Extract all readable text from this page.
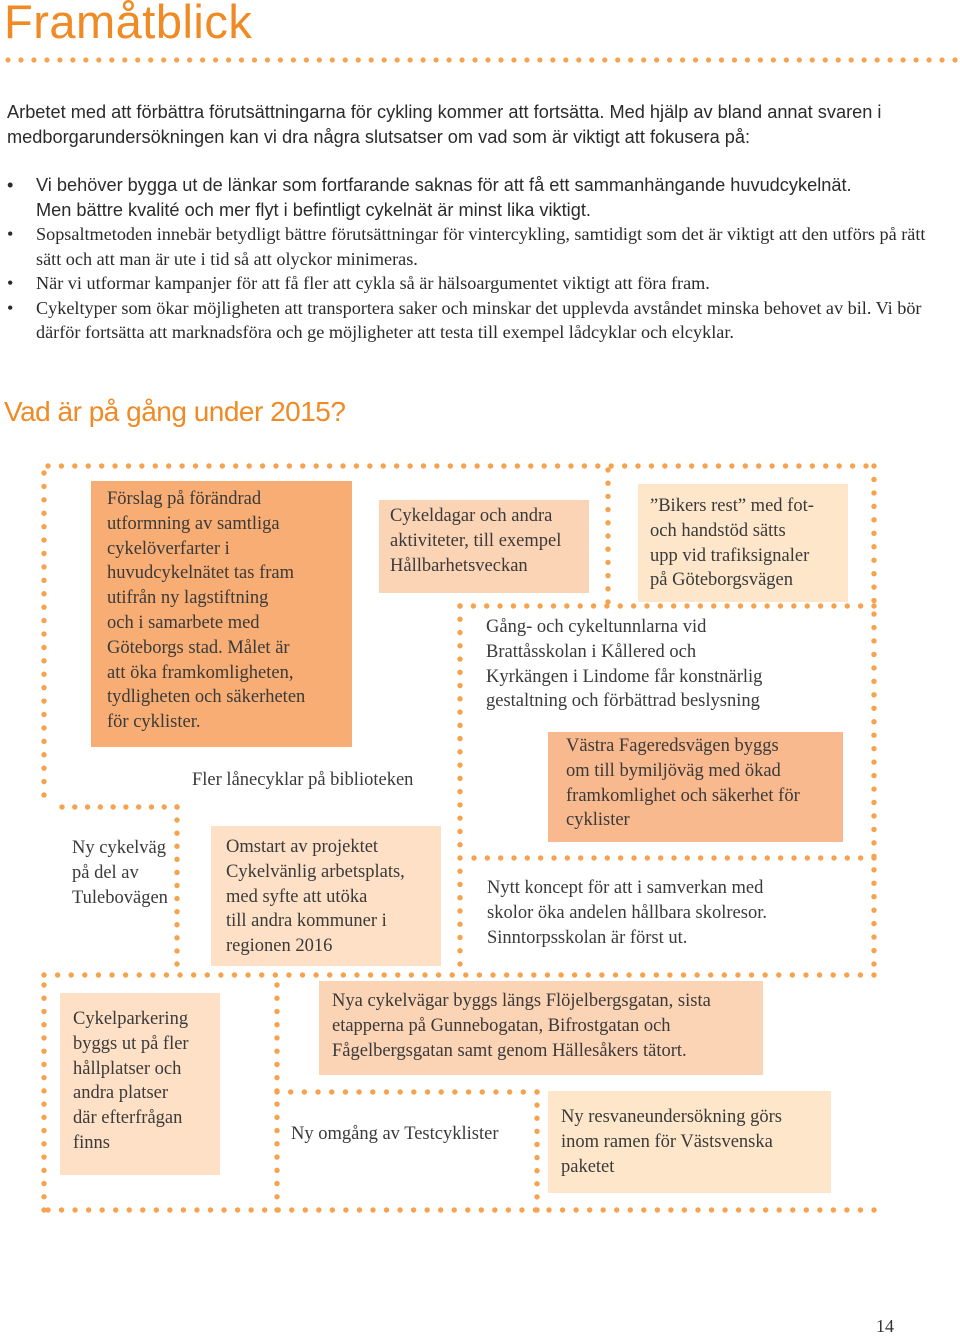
Framåtblick

Arbetet med att förbättra förutsättningarna för cykling kommer att fortsätta. Med hjälp av bland annat svaren i medborgarundersökningen kan vi dra några slutsatser om vad som är viktigt att fokusera på:

• Vi behöver bygga ut de länkar som fortfarande saknas för att få ett sammanhängande huvudcykelnät.
Men bättre kvalité och mer flyt i befintligt cykelnät är minst lika viktigt.
• Sopsaltmetoden innebär betydligt bättre förutsättningar för vintercykling, samtidigt som det är viktigt att den utförs på rätt sätt och att man är ute i tid så att olyckor minimeras.
• När vi utformar kampanjer för att få fler att cykla så är hälsoargumentet viktigt att föra fram.
• Cykeltyper som ökar möjligheten att transportera saker och minskar det upplevda avståndet minska behovet av bil. Vi bör därför fortsätta att marknadsföra och ge möjligheter att testa till exempel lådcyklar och elcyklar.
Vad är på gång under 2015?
Förslag på förändrad
utformning av samtliga
cykelöverfarter i
huvudcykelnätet tas fram
utifrån ny lagstiftning
och i samarbete med
Göteborgs stad. Målet är
att öka framkomligheten,
tydligheten och säkerheten
för cyklister.
Cykeldagar och andra
aktiviteter, till exempel
Hållbarhetsveckan
”Bikers rest” med fot-
och handstöd sätts
upp vid trafiksignaler
på Göteborgsvägen
Gång- och cykeltunnlarna vid
Brattåsskolan i Kållered och
Kyrkängen i Lindome får konstnärlig
gestaltning och förbättrad beslysning
Västra Fageredsvägen byggs
om till bymiljöväg med ökad
framkomlighet och säkerhet för
cyklister
Fler lånecyklar på biblioteken
Ny cykelväg
på del av
Tulebovägen
Omstart av projektet
Cykelvänlig arbetsplats,
med syfte att utöka
till andra kommuner i
regionen 2016
Nytt koncept för att i samverkan med
skolor öka andelen hållbara skolresor.
Sinntorpsskolan är först ut.
Cykelparkering
byggs ut på fler
hållplatser och
andra platser
där efterfrågan
finns
Nya cykelvägar byggs längs Flöjelbergsgatan, sista
etapperna på Gunnebogatan, Bifrostgatan och
Fågelbergsgatan samt genom Hällesåkers tätort.
Ny omgång av Testcyklister
Ny resvaneundersökning görs
inom ramen för Västsvenska
paketet
14
